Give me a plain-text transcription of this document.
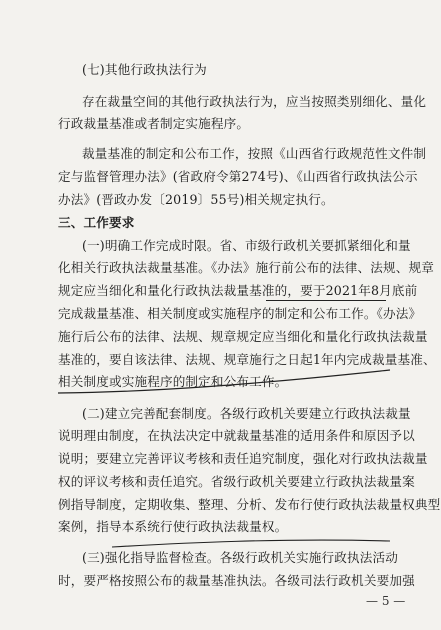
(七)其他行政执法行为
存在裁量空间的其他行政执法行为，应当按照类别细化、量化
行政裁量基准或者制定实施程序。
裁量基准的制定和公布工作，按照《山西省行政规范性文件制
定与监督管理办法》(省政府令第274号)、《山西省行政执法公示
办法》(晋政办发〔2019〕55号)相关规定执行。
三、工作要求
(一)明确工作完成时限。省、市级行政机关要抓紧细化和量
化相关行政执法裁量基准。《办法》施行前公布的法律、法规、规章
规定应当细化和量化行政执法裁量基准的，要于2021年8月底前
完成裁量基准、相关制度或实施程序的制定和公布工作。《办法》
施行后公布的法律、法规、规章规定应当细化和量化行政执法裁量
基准的，要自该法律、法规、规章施行之日起1年内完成裁量基准、
相关制度或实施程序的制定和公布工作。
(二)建立完善配套制度。各级行政机关要建立行政执法裁量
说明理由制度，在执法决定中就裁量基准的适用条件和原因予以
说明；要建立完善评议考核和责任追究制度，强化对行政执法裁量
权的评议考核和责任追究。省级行政机关要建立行政执法裁量案
例指导制度，定期收集、整理、分析、发布行使行政执法裁量权典型
案例，指导本系统行使行政执法裁量权。
(三)强化指导监督检查。各级行政机关实施行政执法活动
时，要严格按照公布的裁量基准执法。各级司法行政机关要加强
— 5 —
